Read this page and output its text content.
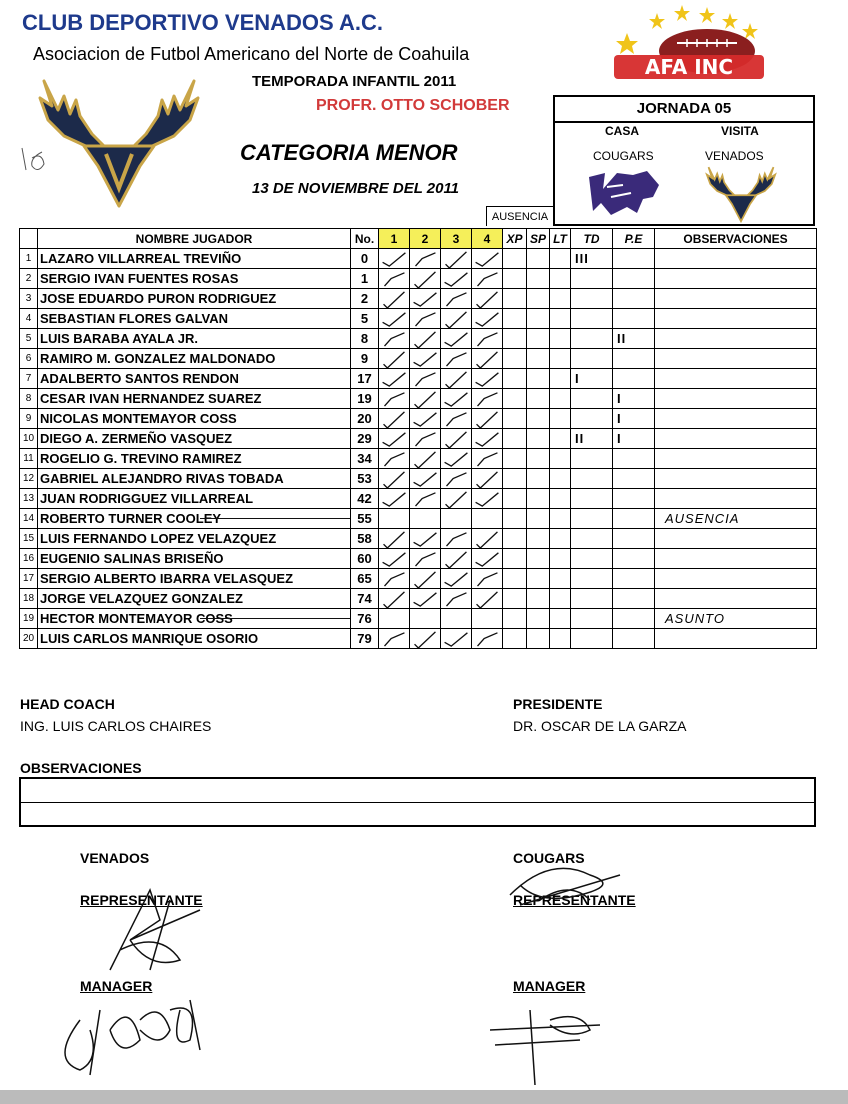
CLUB DEPORTIVO VENADOS A.C.
Asociacion de Futbol Americano del Norte de Coahuila
TEMPORADA INFANTIL 2011
PROFR. OTTO SCHOBER
CATEGORIA MENOR
13 DE NOVIEMBRE DEL 2011
AFA INC
JORNADA 05
CASA	VISITA
COUGARS	VENADOS
AUSENCIA
	NOMBRE JUGADOR	No.	1	2	3	4	XP	SP	LT	TD	P.E	OBSERVACIONES
1	LAZARO VILLARREAL TREVIÑO	0								III		
2	SERGIO IVAN FUENTES ROSAS	1	

3	JOSE EDUARDO PURON RODRIGUEZ	2	

4	SEBASTIAN FLORES GALVAN	5	

5	LUIS BARABA AYALA JR.	8									II	
6	RAMIRO M. GONZALEZ MALDONADO	9	

7	ADALBERTO SANTOS RENDON	17								I		
8	CESAR IVAN HERNANDEZ SUAREZ	19									I	
9	NICOLAS MONTEMAYOR COSS	20									I	
10	DIEGO A. ZERMEÑO VASQUEZ	29								II	I	
11	ROGELIO G. TREVINO RAMIREZ	34	

12	GABRIEL ALEJANDRO RIVAS TOBADA	53	

13	JUAN RODRIGGUEZ VILLARREAL	42	

14	ROBERTO TURNER COOLEY	55										AUSENCIA
15	LUIS FERNANDO LOPEZ VELAZQUEZ	58	

16	EUGENIO SALINAS BRISEÑO	60	

17	SERGIO ALBERTO IBARRA VELASQUEZ	65	

18	JORGE VELAZQUEZ GONZALEZ	74	

19	HECTOR MONTEMAYOR COSS	76										ASUNTO
20	LUIS CARLOS MANRIQUE OSORIO	79	

HEAD COACH
ING. LUIS CARLOS CHAIRES
PRESIDENTE
DR. OSCAR DE LA GARZA
OBSERVACIONES
VENADOS
REPRESENTANTE
MANAGER
COUGARS
REPRESENTANTE
MANAGER
